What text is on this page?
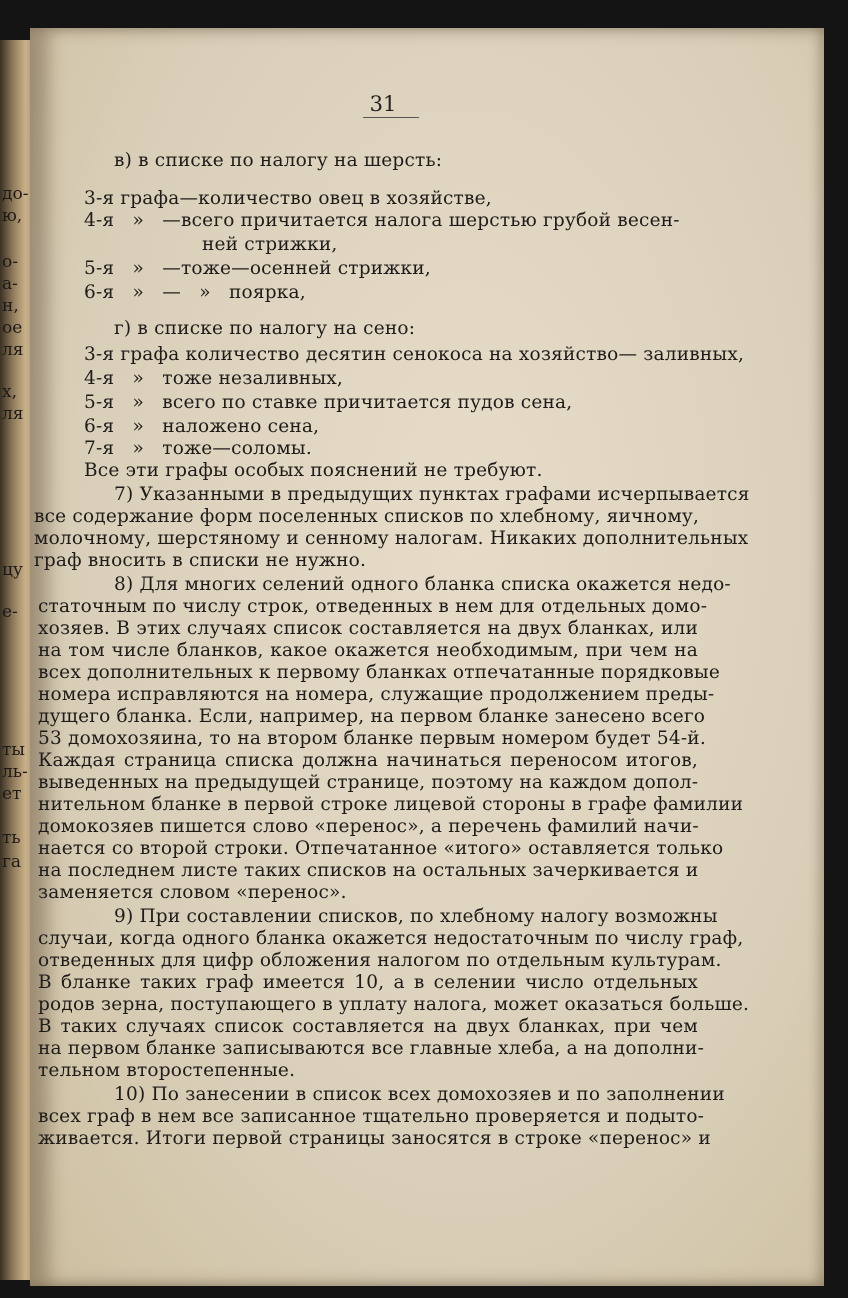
до-
ю,
о-
а-
н,
ое
ля
х,
ля
цу
е-
ты
ль-
ет
ть
га
31
в) в списке по налогу на шерсть:
3-я графа—количество овец в хозяйстве,
4-я   »   —всего причитается налога шерстью грубой весен-
нeй стрижки,
5-я   »   —тоже—осенней стрижки,
6-я   »   —   »   поярка,
г) в списке по налогу на сено:
3-я графа количество десятин сенокоса на хозяйство— заливных,
4-я   »   тоже незаливных,
5-я   »   всего по ставке причитается пудов сена,
6-я   »   наложено сена,
7-я   »   тоже—соломы.
Все эти графы особых пояснений не требуют.
7) Указанными в предыдущих пунктах графами исчерпывается
все содержание форм поселенных списков по хлебному, яичному,
молочному, шерстяному и сенному налогам. Никаких дополнительных
граф вносить в списки не нужно.
8) Для многих селений одного бланка списка окажется недо-
статочным по числу строк, отведенных в нем для отдельных домо-
хозяев. В этих случаях список составляется на двух бланках, или
на том числе бланков, какое окажется необходимым, при чем на
всех дополнительных к первому бланках отпечатанные порядковые
номера исправляются на номера, служащие продолжением преды-
дущего бланка. Если, например, на первом бланке занесено всего
53 домохозяина, то на втором бланке первым номером будет 54-й.
Каждая страница списка должна начинаться переносом итогов,
выведенных на предыдущей странице, поэтому на каждом допол-
нительном бланке в первой строке лицевой стороны в графе фамилии
домокозяев пишется слово «перенос», а перечень фамилий начи-
нается со второй строки. Отпечатанное «итого» оставляется только
на последнем листе таких списков на остальных зачеркивается и
заменяется словом «перенос».
9) При составлении списков, по хлебному налогу возможны
случаи, когда одного бланка окажется недостаточным по числу граф,
отведенных для цифр обложения налогом по отдельным культурам.
В бланке таких граф имеется 10, а в селении число отдельных
родов зерна, поступающего в уплату налога, может оказаться больше.
В таких случаях список составляется на двух бланках, при чем
на первом бланке записываются все главные хлеба, а на дополни-
тельном второстепенные.
10) По занесении в список всех домохозяев и по заполнении
всех граф в нем все записанное тщательно проверяется и подыто-
живается. Итоги первой страницы заносятся в строке «перенос» и
